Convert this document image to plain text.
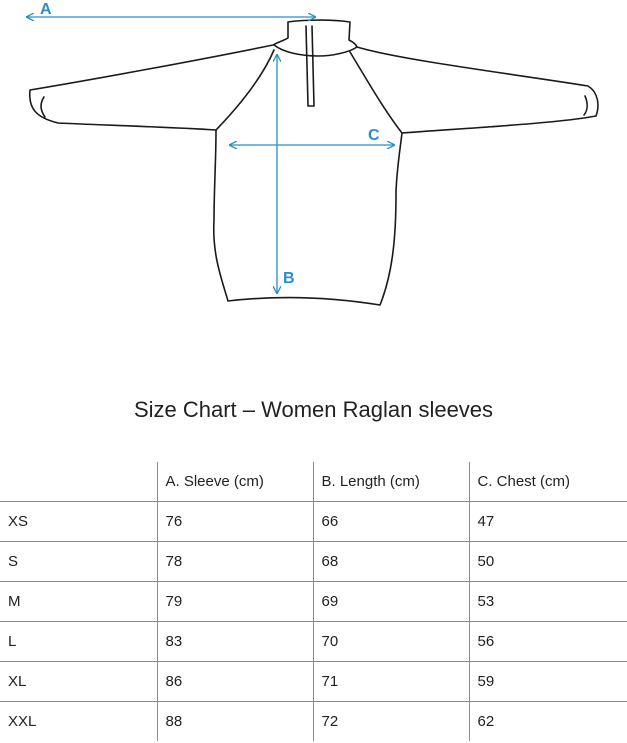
A
B
C
Size Chart – Women Raglan sleeves
	A. Sleeve (cm)	B. Length (cm)	C. Chest (cm)
XS	76	66	47
S	78	68	50
M	79	69	53
L	83	70	56
XL	86	71	59
XXL	88	72	62
